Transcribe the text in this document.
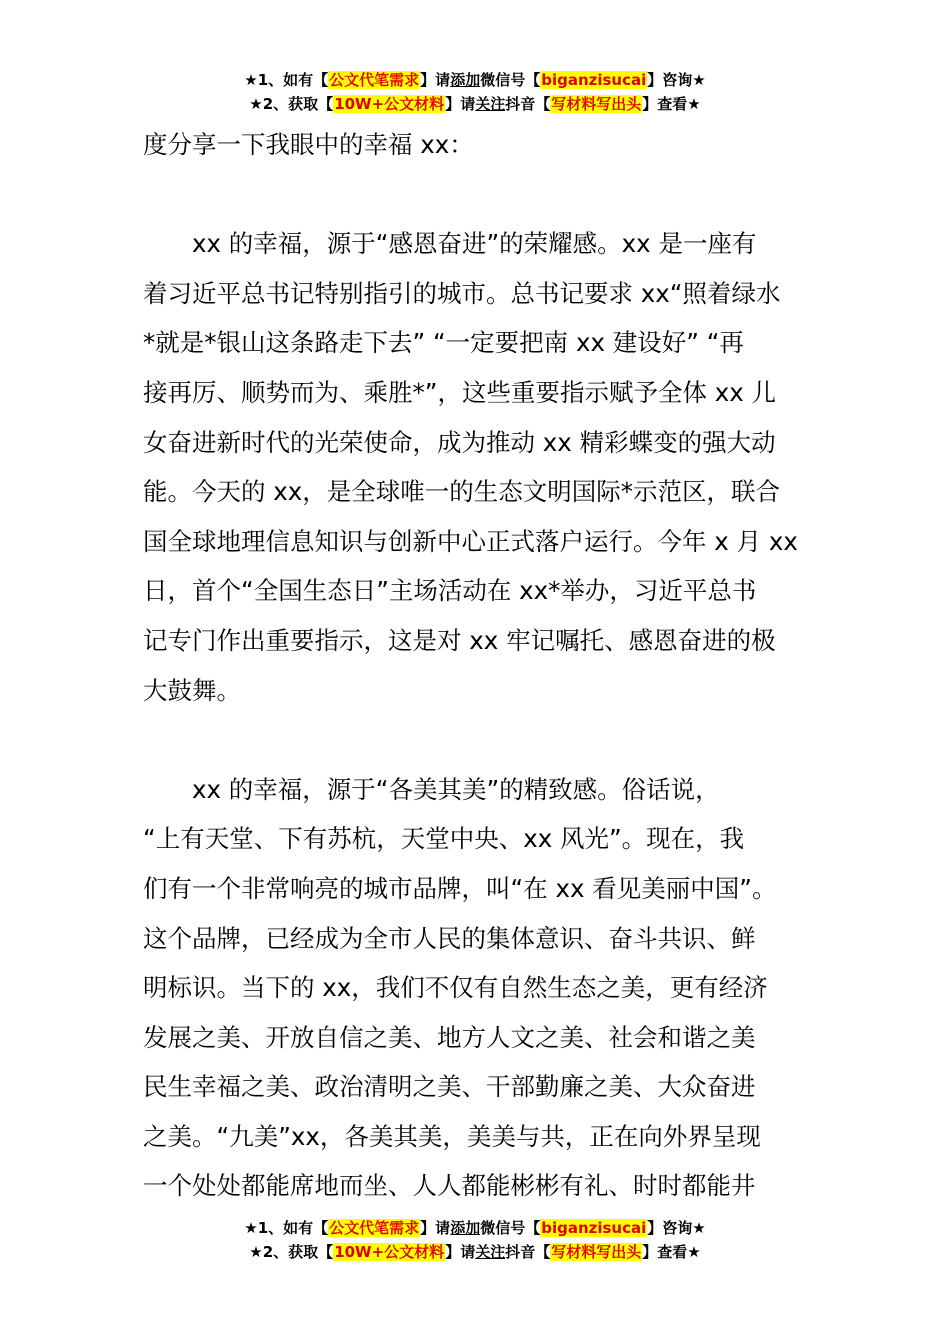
★1、如有【公文代笔需求】请添加微信号【biganzisucai】咨询★
★2、获取【10W+公文材料】请关注抖音【写材料写出头】查看★

度分享一下我眼中的幸福 xx：

　　xx 的幸福，源于“感恩奋进”的荣耀感。xx 是一座有

着习近平总书记特别指引的城市。总书记要求 xx“照着绿水

*就是*银山这条路走下去” “一定要把南 xx 建设好” “再

接再厉、顺势而为、乘胜*”，这些重要指示赋予全体 xx 儿

女奋进新时代的光荣使命，成为推动 xx 精彩蝶变的强大动

能。今天的 xx，是全球唯一的生态文明国际*示范区，联合

国全球地理信息知识与创新中心正式落户运行。今年 x 月 xx

日，首个“全国生态日”主场活动在 xx*举办，习近平总书

记专门作出重要指示，这是对 xx 牢记嘱托、感恩奋进的极

大鼓舞。

　　xx 的幸福，源于“各美其美”的精致感。俗话说，

“上有天堂、下有苏杭，天堂中央、xx 风光”。现在，我

们有一个非常响亮的城市品牌，叫“在 xx 看见美丽中国”。

这个品牌，已经成为全市人民的集体意识、奋斗共识、鲜

明标识。当下的 xx，我们不仅有自然生态之美，更有经济

发展之美、开放自信之美、地方人文之美、社会和谐之美

民生幸福之美、政治清明之美、干部勤廉之美、大众奋进

之美。“九美”xx，各美其美，美美与共，正在向外界呈现

一个处处都能席地而坐、人人都能彬彬有礼、时时都能井

★1、如有【公文代笔需求】请添加微信号【biganzisucai】咨询★
★2、获取【10W+公文材料】请关注抖音【写材料写出头】查看★
